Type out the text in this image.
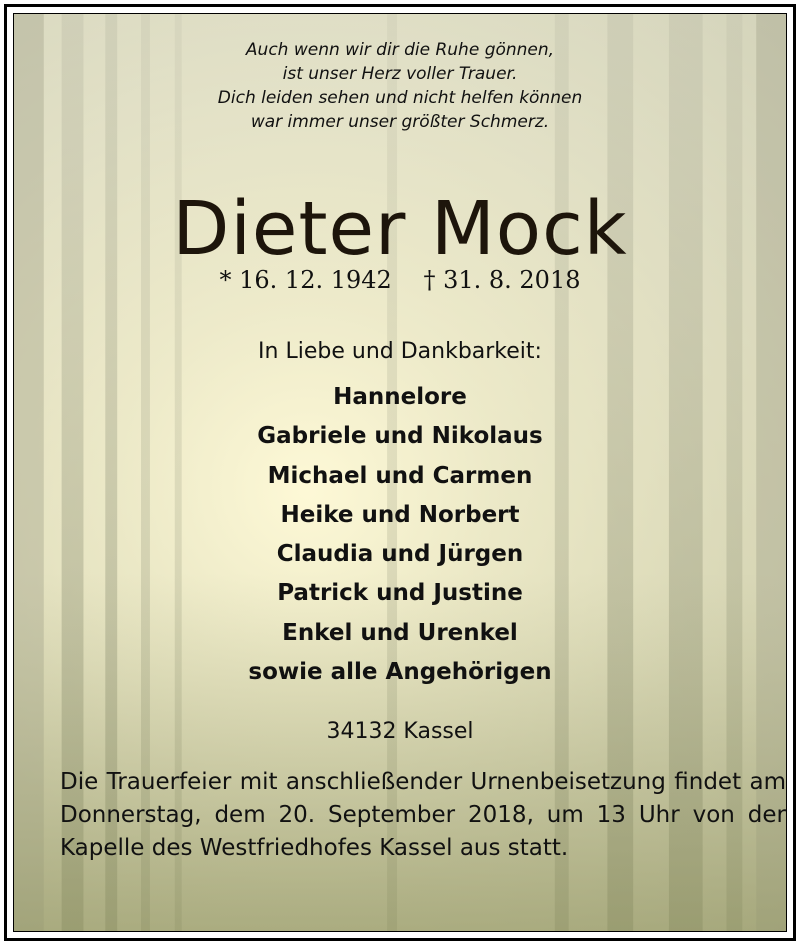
Auch wenn wir dir die Ruhe gönnen,
ist unser Herz voller Trauer.
Dich leiden sehen und nicht helfen können
war immer unser größter Schmerz.
Dieter Mock
* 16. 12. 1942 † 31. 8. 2018
In Liebe und Dankbarkeit:
Hannelore
Gabriele und Nikolaus
Michael und Carmen
Heike und Norbert
Claudia und Jürgen
Patrick und Justine
Enkel und Urenkel
sowie alle Angehörigen
34132 Kassel
Die Trauerfeier mit anschließender Urnenbeisetzung findet am Donnerstag, dem 20. September 2018, um 13 Uhr von der Kapelle des Westfriedhofes Kassel aus statt.
